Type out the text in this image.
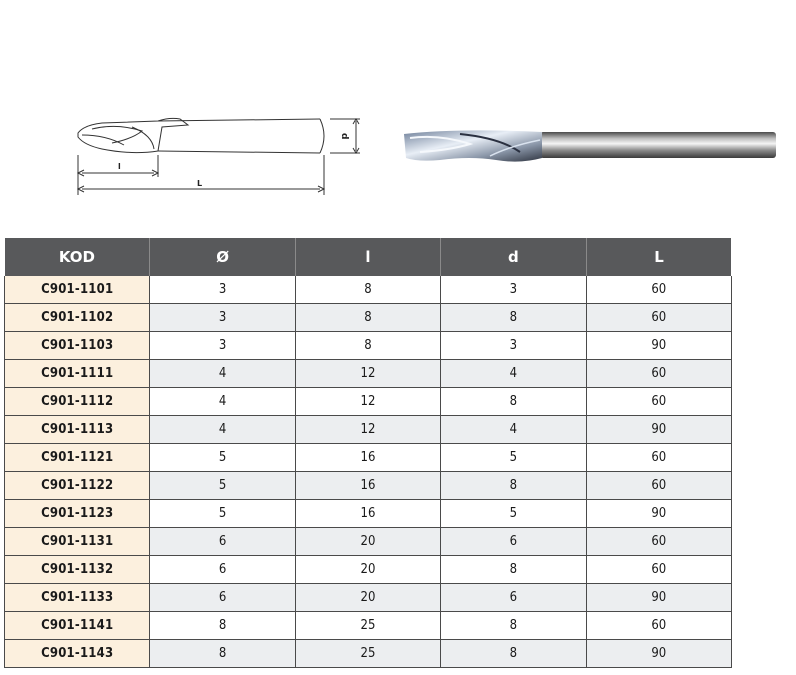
d
l
L
KOD	Ø	l	d	L
C901-1101	3	8	3	60
C901-1102	3	8	8	60
C901-1103	3	8	3	90
C901-1111	4	12	4	60
C901-1112	4	12	8	60
C901-1113	4	12	4	90
C901-1121	5	16	5	60
C901-1122	5	16	8	60
C901-1123	5	16	5	90
C901-1131	6	20	6	60
C901-1132	6	20	8	60
C901-1133	6	20	6	90
C901-1141	8	25	8	60
C901-1143	8	25	8	90
